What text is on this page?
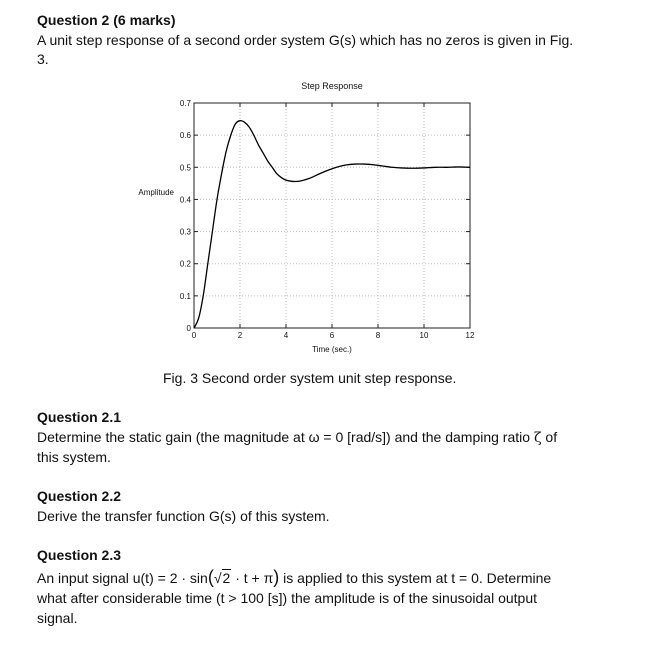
Question 2 (6 marks)
A unit step response of a second order system G(s) which has no zeros is given in Fig.
3.
0
0.1
0.2
0.3
0.4
0.5
0.6
0.7
0	2	4	6	8	10	12
Step Response
Time (sec.)
Amplitude
Fig. 3 Second order system unit step response.
Question 2.1
Determine the static gain (the magnitude at ω = 0 [rad/s]) and the damping ratio ζ of
this system.
Question 2.2
Derive the transfer function G(s) of this system.
Question 2.3
An input signal u(t) = 2 · sin(√2 · t + π) is applied to this system at t = 0. Determine
what after considerable time (t > 100 [s]) the amplitude is of the sinusoidal output
signal.
